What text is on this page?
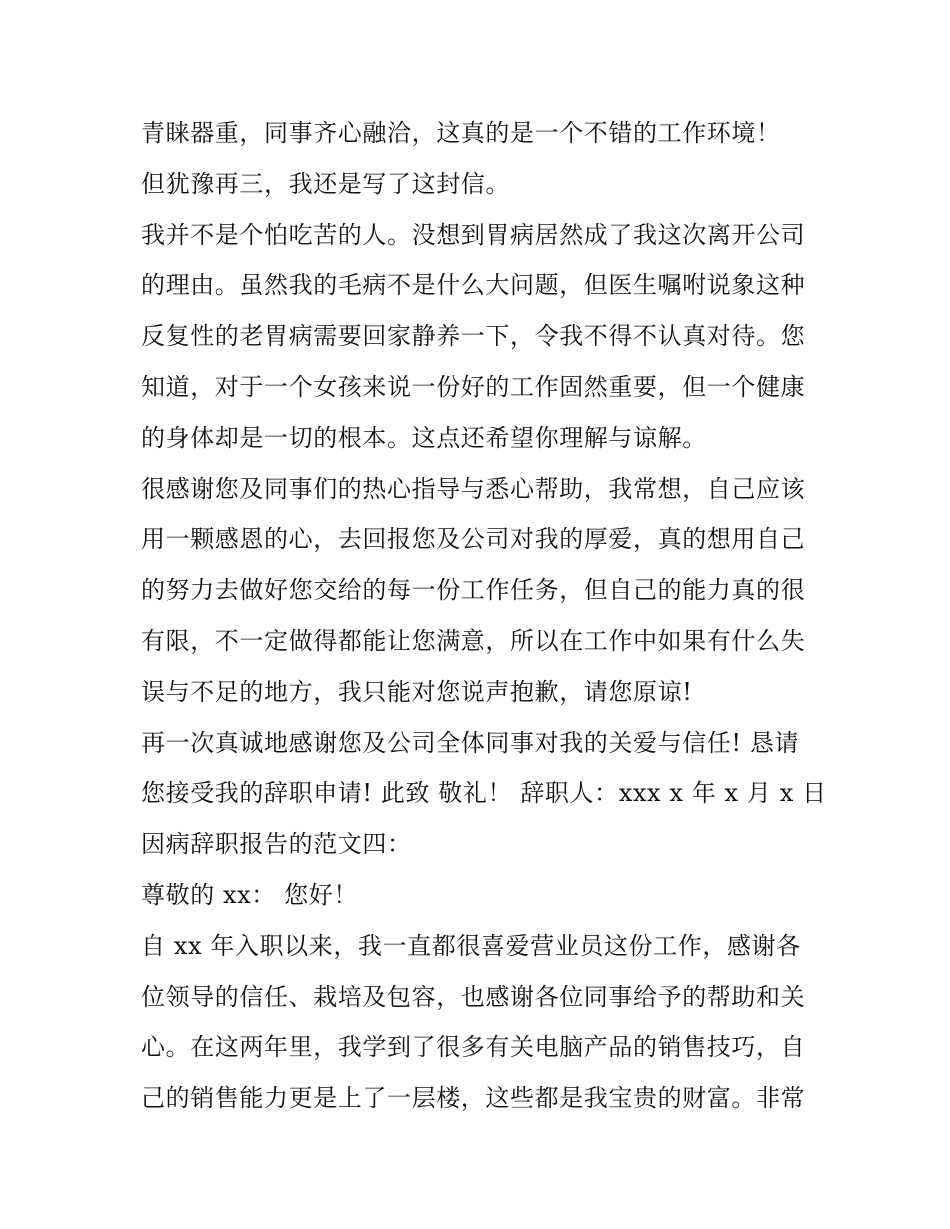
青睐器重，同事齐心融洽，这真的是一个不错的工作环境！
但犹豫再三，我还是写了这封信。
我并不是个怕吃苦的人。没想到胃病居然成了我这次离开公司
的理由。虽然我的毛病不是什么大问题，但医生嘱咐说象这种
反复性的老胃病需要回家静养一下，令我不得不认真对待。您
知道，对于一个女孩来说一份好的工作固然重要，但一个健康
的身体却是一切的根本。这点还希望你理解与谅解。
很感谢您及同事们的热心指导与悉心帮助，我常想，自己应该
用一颗感恩的心，去回报您及公司对我的厚爱，真的想用自己
的努力去做好您交给的每一份工作任务，但自己的能力真的很
有限，不一定做得都能让您满意，所以在工作中如果有什么失
误与不足的地方，我只能对您说声抱歉，请您原谅!
再一次真诚地感谢您及公司全体同事对我的关爱与信任! 恳请
您接受我的辞职申请! 此致 敬礼！ 辞职人：xxx x 年 x 月 x 日
因病辞职报告的范文四：
尊敬的 xx： 您好！
自 xx 年入职以来，我一直都很喜爱营业员这份工作，感谢各
位领导的信任、栽培及包容，也感谢各位同事给予的帮助和关
心。在这两年里，我学到了很多有关电脑产品的销售技巧，自
己的销售能力更是上了一层楼，这些都是我宝贵的财富。非常
